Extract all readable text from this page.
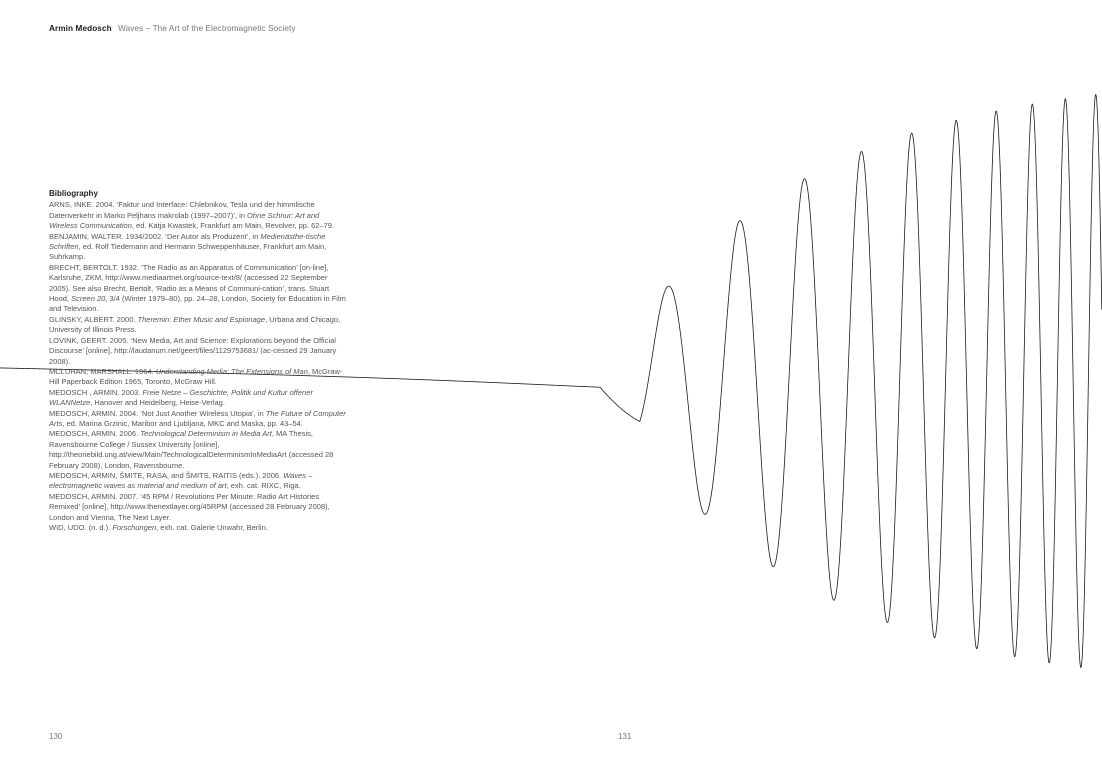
Armin Medosch Waves – The Art of the Electromagnetic Society
Bibliography
ARNS, INKE. 2004. ‘Faktur und Interface: Chlebnikov, Tesla und der himmlische Datenverkehr in Marko Peljhans makrolab (1997–2007)’, in Ohne Schnur: Art and Wireless Communication, ed. Katja Kwastek, Frankfurt am Main, Revolver, pp. 62–79.
BENJAMIN, WALTER. 1934/2002. ‘Der Autor als Produzent’, in Medienästhe-tische Schriften, ed. Rolf Tiedemann and Hermann Schweppenhäuser, Frankfurt am Main, Suhrkamp.
BRECHT, BERTOLT. 1932. ‘The Radio as an Apparatus of Communication’ [on-line], Karlsruhe, ZKM, http://www.mediaartnet.org/source-text/8/ (accessed 22 September 2005). See also Brecht, Bertolt, ‘Radio as a Means of Communi-cation’, trans. Stuart Hood, Screen 20, 3/4 (Winter 1979–80), pp. 24–28, London, Society for Education in Film and Television.
GLINSKY, ALBERT. 2000. Theremin: Ether Music and Espionage, Urbana and Chicago, University of Illinois Press.
LOVINK, GEERT. 2005. ‘New Media, Art and Science: Explorations beyond the Official Discourse’ [online], http://laudanum.net/geert/files/1129753681/ (ac-cessed 29 January 2008).
MCLUHAN, MARSHALL. 1964. Understanding Media: The Extensions of Man, McGraw-Hill Paperback Edition 1965, Toronto, McGraw Hill.
MEDOSCH , ARMIN. 2003. Freie Netze – Geschichte, Politik und Kultur offener WLANNetze, Hanover and Heidelberg, Heise-Verlag.
MEDOSCH, ARMIN. 2004. ‘Not Just Another Wireless Utopia’, in The Future of Computer Arts, ed. Marina Grzinic, Maribor and Ljubljana, MKC and Maska, pp. 43–54.
MEDOSCH, ARMIN. 2006. Technological Determinism in Media Art, MA Thesis, Ravensbourne College / Sussex University [online], http://theoriebild.ung.at/view/Main/TechnologicalDeterminismInMediaArt (accessed 28 February 2008), London, Ravensbourne.
MEDOSCH, ARMIN, ŠMITE, RASA, and ŠMITS, RAITIS (eds.). 2006. Waves – electromagnetic waves as material and medium of art, exh. cat. RIXC, Riga.
MEDOSCH, ARMIN. 2007. ‘45 RPM / Revolutions Per Minute: Radio Art Histories Remixed’ [online], http://www.thenextlayer.org/45RPM (accessed 28 February 2008), London and Vienna, The Next Layer.
WID, UDO. (n. d.). Forschungen, exh. cat. Galerie Unwahr, Berlin.
130	131
